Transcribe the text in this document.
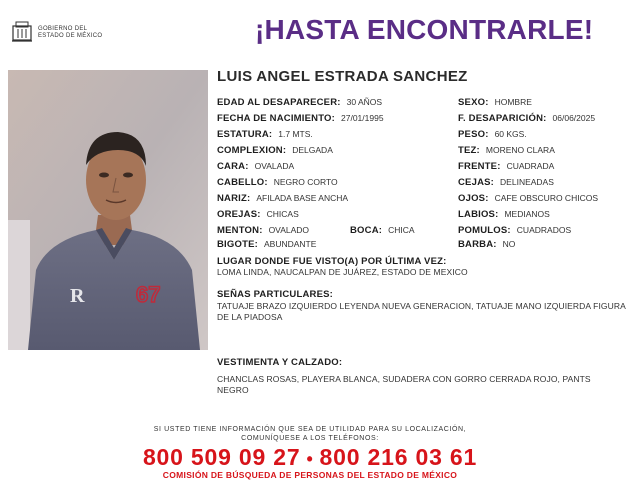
GOBIERNO DEL
ESTADO DE MÉXICO	¡HASTA ENCONTRARLE!
R 67
LUIS ANGEL ESTRADA SANCHEZ
EDAD AL DESAPARECER: 30 AÑOS
FECHA DE NACIMIENTO: 27/01/1995
ESTATURA: 1.7 MTS.
COMPLEXION: DELGADA
CARA: OVALADA
CABELLO: NEGRO CORTO
NARIZ: AFILADA BASE ANCHA
OREJAS: CHICAS
MENTON: OVALADO	BOCA: CHICA
BIGOTE: ABUNDANTE
SEXO: HOMBRE
F. DESAPARICIÓN: 06/06/2025
PESO: 60 KGS.
TEZ: MORENO CLARA
FRENTE: CUADRADA
CEJAS: DELINEADAS
OJOS: CAFE OBSCURO CHICOS
LABIOS: MEDIANOS
POMULOS: CUADRADOS
BARBA: NO
LUGAR DONDE FUE VISTO(A) POR ÚLTIMA VEZ:
LOMA LINDA, NAUCALPAN DE JUÁREZ, ESTADO DE MEXICO
SEÑAS PARTICULARES:
TATUAJE BRAZO IZQUIERDO LEYENDA NUEVA GENERACION, TATUAJE MANO IZQUIERDA FIGURA DE LA PIADOSA
VESTIMENTA Y CALZADO:
CHANCLAS ROSAS, PLAYERA BLANCA, SUDADERA CON GORRO CERRADA ROJO, PANTS NEGRO
SI USTED TIENE INFORMACIÓN QUE SEA DE UTILIDAD PARA SU LOCALIZACIÓN,
COMUNÍQUESE A LOS TELÉFONOS:
800 509 09 27 • 800 216 03 61
COMISIÓN DE BÚSQUEDA DE PERSONAS DEL ESTADO DE MÉXICO
